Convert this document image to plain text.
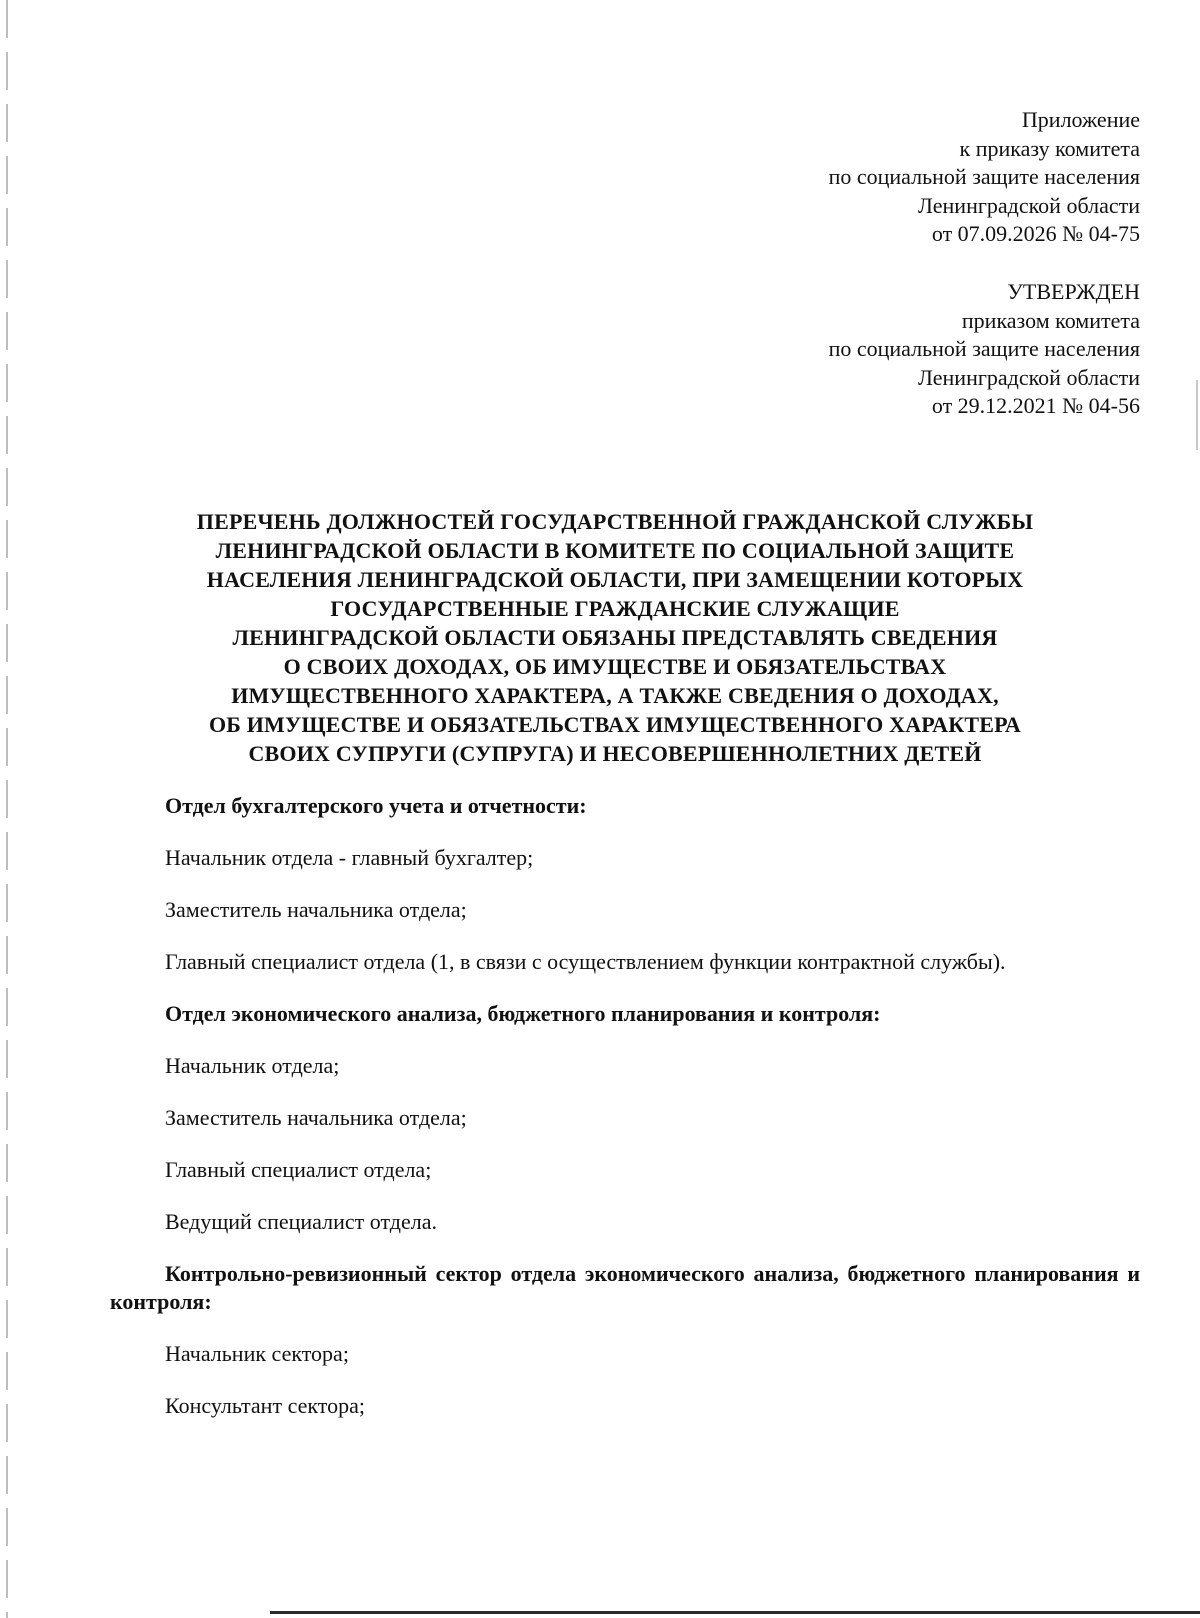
Приложение

к приказу комитета

по социальной защите населения

Ленинградской области

от 07.09.2026 № 04-75

УТВЕРЖДЕН

приказом комитета

по социальной защите населения

Ленинградской области

от 29.12.2021 № 04-56

ПЕРЕЧЕНЬ ДОЛЖНОСТЕЙ ГОСУДАРСТВЕННОЙ ГРАЖДАНСКОЙ СЛУЖБЫ

ЛЕНИНГРАДСКОЙ ОБЛАСТИ В КОМИТЕТЕ ПО СОЦИАЛЬНОЙ ЗАЩИТЕ

НАСЕЛЕНИЯ ЛЕНИНГРАДСКОЙ ОБЛАСТИ, ПРИ ЗАМЕЩЕНИИ КОТОРЫХ

ГОСУДАРСТВЕННЫЕ ГРАЖДАНСКИЕ СЛУЖАЩИЕ

ЛЕНИНГРАДСКОЙ ОБЛАСТИ ОБЯЗАНЫ ПРЕДСТАВЛЯТЬ СВЕДЕНИЯ

О СВОИХ ДОХОДАХ, ОБ ИМУЩЕСТВЕ И ОБЯЗАТЕЛЬСТВАХ

ИМУЩЕСТВЕННОГО ХАРАКТЕРА, А ТАКЖЕ СВЕДЕНИЯ О ДОХОДАХ,

ОБ ИМУЩЕСТВЕ И ОБЯЗАТЕЛЬСТВАХ ИМУЩЕСТВЕННОГО ХАРАКТЕРА

СВОИХ СУПРУГИ (СУПРУГА) И НЕСОВЕРШЕННОЛЕТНИХ ДЕТЕЙ

Отдел бухгалтерского учета и отчетности:

Начальник отдела - главный бухгалтер;

Заместитель начальника отдела;

Главный специалист отдела (1, в связи с осуществлением функции контрактной службы).

Отдел экономического анализа, бюджетного планирования и контроля:

Начальник отдела;

Заместитель начальника отдела;

Главный специалист отдела;

Ведущий специалист отдела.

Контрольно-ревизионный сектор отдела экономического анализа, бюджетного планирования и контроля:

Начальник сектора;

Консультант сектора;
